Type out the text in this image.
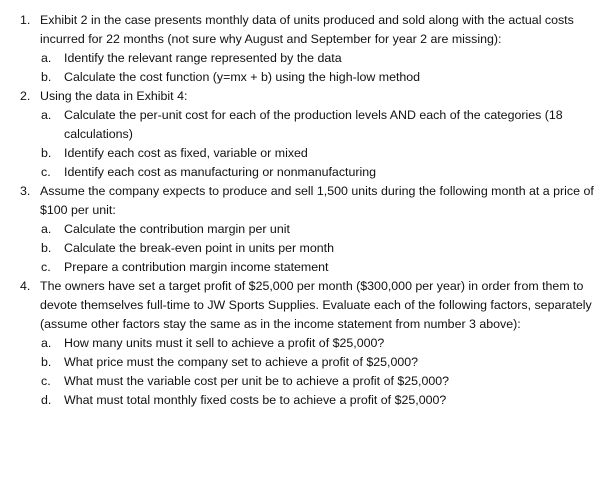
1. Exhibit 2 in the case presents monthly data of units produced and sold along with the actual costs incurred for 22 months (not sure why August and September for year 2 are missing):
a.	Identify the relevant range represented by the data
b.	Calculate the cost function (y=mx + b) using the high-low method
2. Using the data in Exhibit 4:
a.	Calculate the per-unit cost for each of the production levels AND each of the categories (18 calculations)
b.	Identify each cost as fixed, variable or mixed
c.	Identify each cost as manufacturing or nonmanufacturing
3. Assume the company expects to produce and sell 1,500 units during the following month at a price of $100 per unit:
a.	Calculate the contribution margin per unit
b.	Calculate the break-even point in units per month
c.	Prepare a contribution margin income statement
4. The owners have set a target profit of $25,000 per month ($300,000 per year) in order from them to devote themselves full-time to JW Sports Supplies. Evaluate each of the following factors, separately (assume other factors stay the same as in the income statement from number 3 above):
a.	How many units must it sell to achieve a profit of $25,000?
b.	What price must the company set to achieve a profit of $25,000?
c.	What must the variable cost per unit be to achieve a profit of $25,000?
d.	What must total monthly fixed costs be to achieve a profit of $25,000?
